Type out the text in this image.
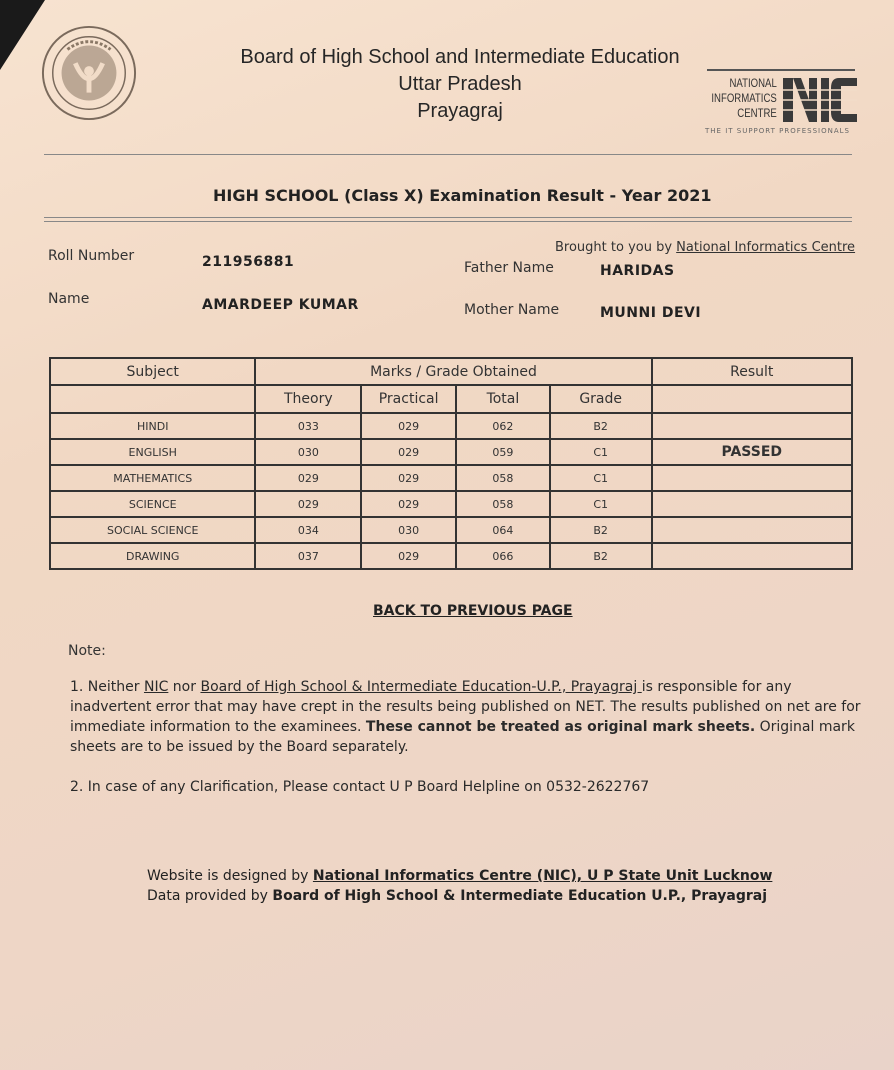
Board of High School and Intermediate Education
Uttar Pradesh
Prayagraj
NATIONAL
INFORMATICS
CENTRE
THE IT SUPPORT PROFESSIONALS
HIGH SCHOOL (Class X) Examination Result - Year 2021
Brought to you by National Informatics Centre
Roll Number	211956881	Father Name	HARIDAS
Name	AMARDEEP KUMAR	Mother Name	MUNNI DEVI
Subject	Marks / Grade Obtained				Result
	Theory	Practical	Total	Grade	
HINDI	033	029	062	B2	
ENGLISH	030	029	059	C1	PASSED
MATHEMATICS	029	029	058	C1	
SCIENCE	029	029	058	C1	
SOCIAL SCIENCE	034	030	064	B2	
DRAWING	037	029	066	B2	
BACK TO PREVIOUS PAGE
Note:
1. Neither NIC nor Board of High School & Intermediate Education-U.P., Prayagraj is responsible for any inadvertent error that may have crept in the results being published on NET. The results published on net are for immediate information to the examinees. These cannot be treated as original mark sheets. Original mark sheets are to be issued by the Board separately.
2. In case of any Clarification, Please contact U P Board Helpline on 0532-2622767
Website is designed by National Informatics Centre (NIC), U P State Unit Lucknow
Data provided by Board of High School & Intermediate Education U.P., Prayagraj
